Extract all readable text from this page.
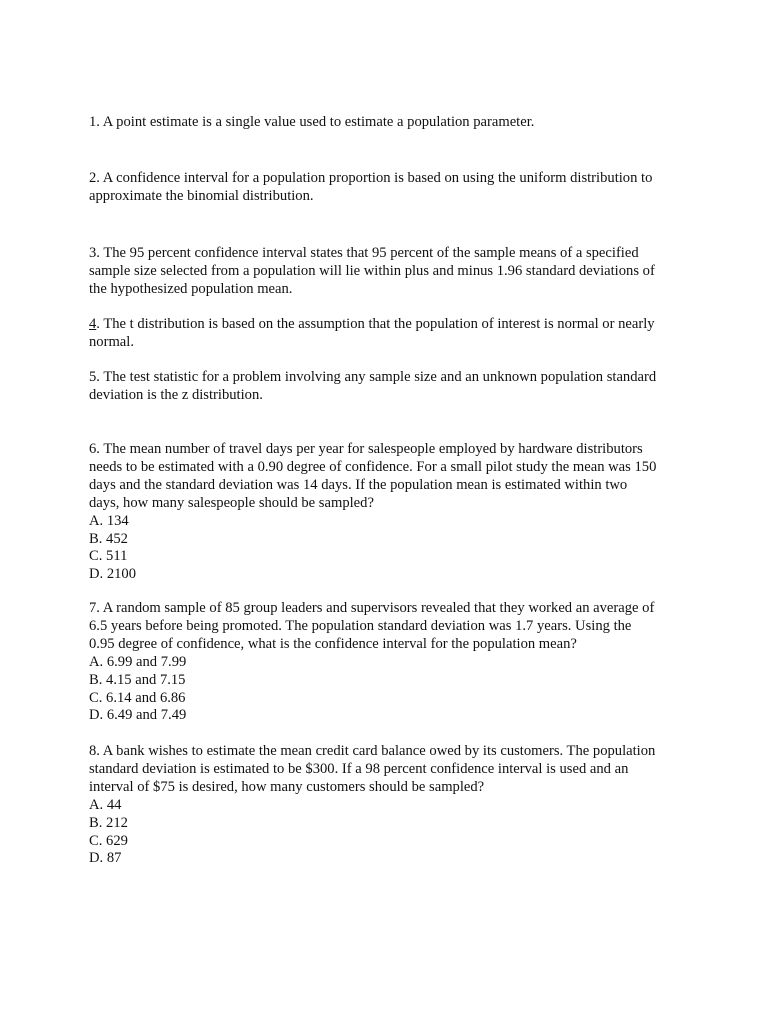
1. A point estimate is a single value used to estimate a population parameter.
2. A confidence interval for a population proportion is based on using the uniform distribution to
approximate the binomial distribution.
3. The 95 percent confidence interval states that 95 percent of the sample means of a specified
sample size selected from a population will lie within plus and minus 1.96 standard deviations of
the hypothesized population mean.
4. The t distribution is based on the assumption that the population of interest is normal or nearly
normal.
5. The test statistic for a problem involving any sample size and an unknown population standard
deviation is the z distribution.
6. The mean number of travel days per year for salespeople employed by hardware distributors
needs to be estimated with a 0.90 degree of confidence. For a small pilot study the mean was 150
days and the standard deviation was 14 days. If the population mean is estimated within two
days, how many salespeople should be sampled?
A. 134
B. 452
C. 511
D. 2100
7. A random sample of 85 group leaders and supervisors revealed that they worked an average of
6.5 years before being promoted. The population standard deviation was 1.7 years. Using the
0.95 degree of confidence, what is the confidence interval for the population mean?
A. 6.99 and 7.99
B. 4.15 and 7.15
C. 6.14 and 6.86
D. 6.49 and 7.49
8. A bank wishes to estimate the mean credit card balance owed by its customers. The population
standard deviation is estimated to be $300. If a 98 percent confidence interval is used and an
interval of $75 is desired, how many customers should be sampled?
A. 44
B. 212
C. 629
D. 87
